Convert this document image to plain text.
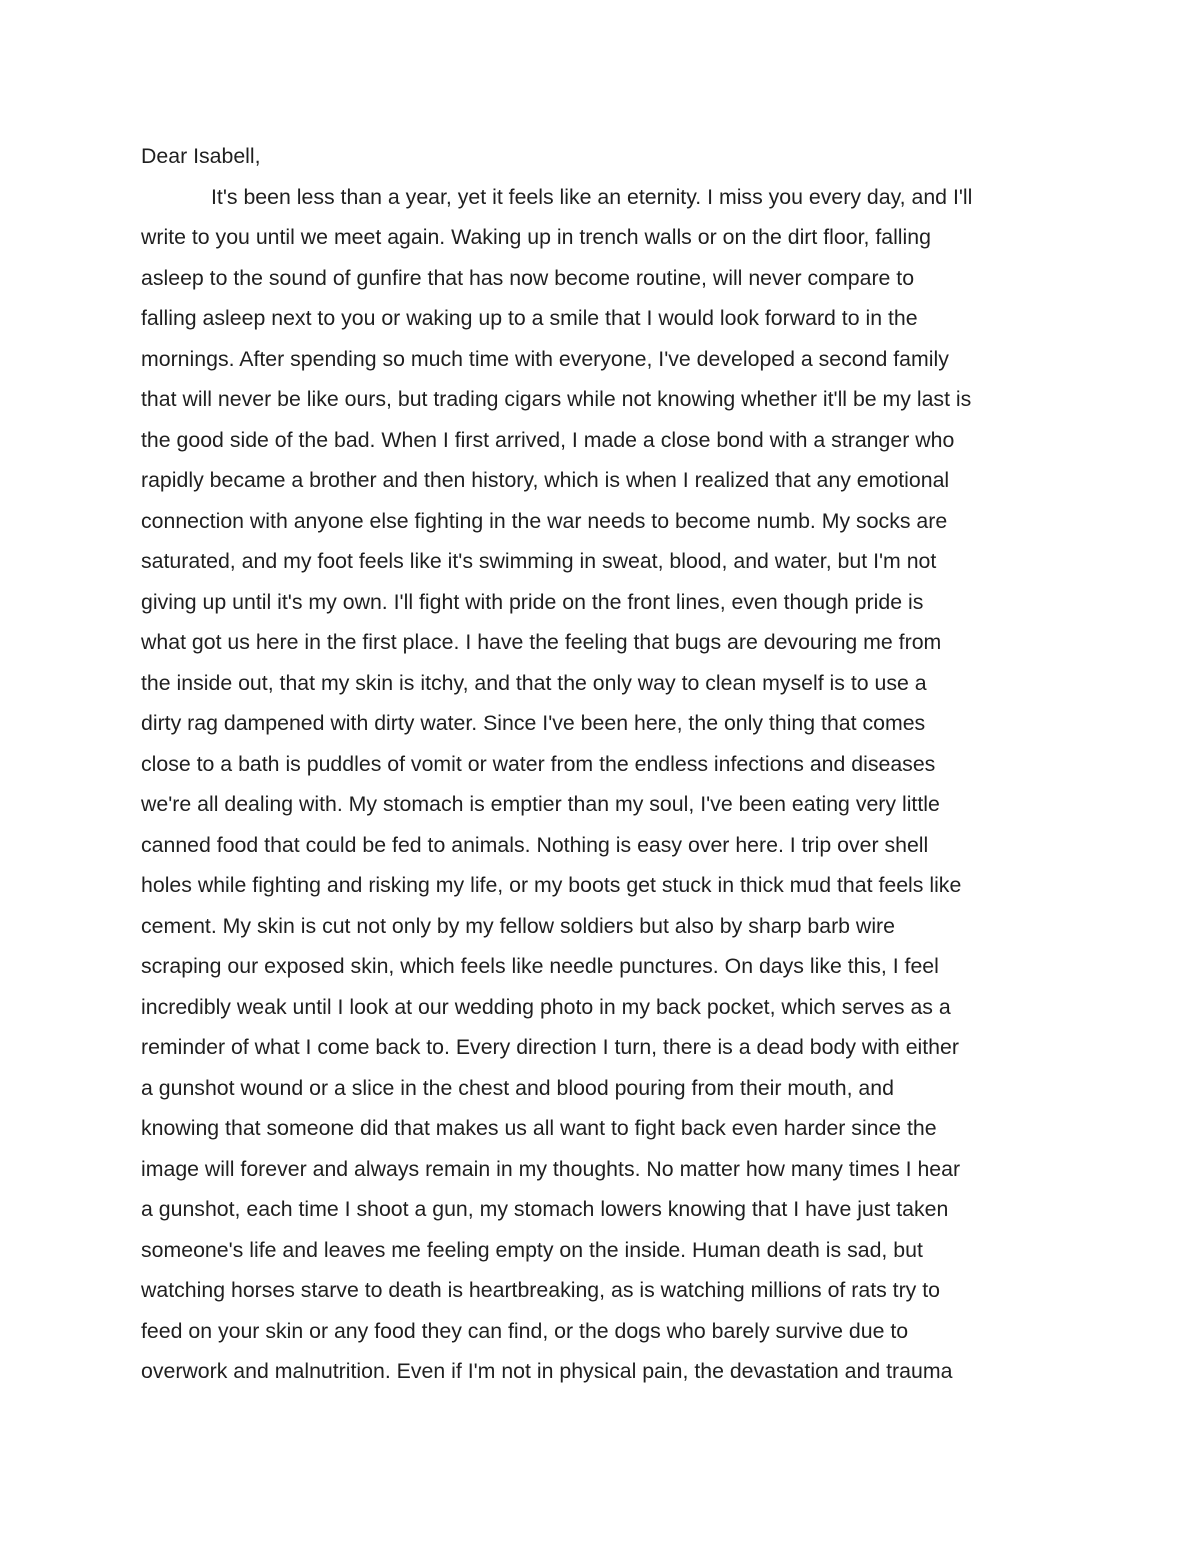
Dear Isabell,
It's been less than a year, yet it feels like an eternity. I miss you every day, and I'll
write to you until we meet again. Waking up in trench walls or on the dirt floor, falling
asleep to the sound of gunfire that has now become routine, will never compare to
falling asleep next to you or waking up to a smile that I would look forward to in the
mornings. After spending so much time with everyone, I've developed a second family
that will never be like ours, but trading cigars while not knowing whether it'll be my last is
the good side of the bad. When I first arrived, I made a close bond with a stranger who
rapidly became a brother and then history, which is when I realized that any emotional
connection with anyone else fighting in the war needs to become numb. My socks are
saturated, and my foot feels like it's swimming in sweat, blood, and water, but I'm not
giving up until it's my own. I'll fight with pride on the front lines, even though pride is
what got us here in the first place. I have the feeling that bugs are devouring me from
the inside out, that my skin is itchy, and that the only way to clean myself is to use a
dirty rag dampened with dirty water. Since I've been here, the only thing that comes
close to a bath is puddles of vomit or water from the endless infections and diseases
we're all dealing with. My stomach is emptier than my soul, I've been eating very little
canned food that could be fed to animals. Nothing is easy over here. I trip over shell
holes while fighting and risking my life, or my boots get stuck in thick mud that feels like
cement. My skin is cut not only by my fellow soldiers but also by sharp barb wire
scraping our exposed skin, which feels like needle punctures. On days like this, I feel
incredibly weak until I look at our wedding photo in my back pocket, which serves as a
reminder of what I come back to. Every direction I turn, there is a dead body with either
a gunshot wound or a slice in the chest and blood pouring from their mouth, and
knowing that someone did that makes us all want to fight back even harder since the
image will forever and always remain in my thoughts. No matter how many times I hear
a gunshot, each time I shoot a gun, my stomach lowers knowing that I have just taken
someone's life and leaves me feeling empty on the inside. Human death is sad, but
watching horses starve to death is heartbreaking, as is watching millions of rats try to
feed on your skin or any food they can find, or the dogs who barely survive due to
overwork and malnutrition. Even if I'm not in physical pain, the devastation and trauma
